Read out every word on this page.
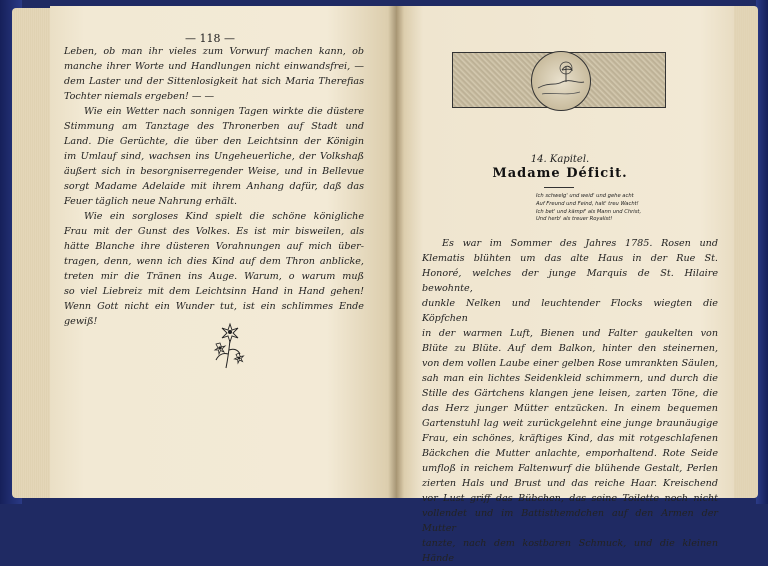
— 118 —
Leben, ob man ihr vieles zum Vorwurf machen kann, ob
manche ihrer Worte und Handlungen nicht einwandsfrei, —
dem Laster und der Sittenlosigkeit hat sich Maria Therefias
Tochter niemals ergeben! — —
Wie ein Wetter nach sonnigen Tagen wirkte die düstere
Stimmung am Tanztage des Thronerben auf Stadt und
Land. Die Gerüchte, die über den Leichtsinn der Königin
im Umlauf sind, wachsen ins Ungeheuerliche, der Volkshaß
äußert sich in besorgniserregender Weise, und in Bellevue
sorgt Madame Adelaide mit ihrem Anhang dafür, daß das
Feuer täglich neue Nahrung erhält.
Wie ein sorgloses Kind spielt die schöne königliche
Frau mit der Gunst des Volkes. Es ist mir bisweilen, als
hätte Blanche ihre düsteren Vorahnungen auf mich über-
tragen, denn, wenn ich dies Kind auf dem Thron anblicke,
treten mir die Tränen ins Auge. Warum, o warum muß
so viel Liebreiz mit dem Leichtsinn Hand in Hand gehen!
Wenn Gott nicht ein Wunder tut, ist ein schlimmes Ende
gewiß!
14. Kapitel.
Madame Déficit.
Ich schwelg' und weid' und gehe acht
Auf Freund und Feind, halt' treu Wacht!
Ich bet' und kämpf' als Mann und Christ,
Und herb' als treuer Royalist!
Es war im Sommer des Jahres 1785. Rosen und
Klematis blühten um das alte Haus in der Rue St.
Honoré, welches der junge Marquis de St. Hilaire bewohnte,
dunkle Nelken und leuchtender Flocks wiegten die Köpfchen
in der warmen Luft, Bienen und Falter gaukelten von
Blüte zu Blüte. Auf dem Balkon, hinter den steinernen,
von dem vollen Laube einer gelben Rose umrankten Säulen,
sah man ein lichtes Seidenkleid schimmern, und durch die
Stille des Gärtchens klangen jene leisen, zarten Töne, die
das Herz junger Mütter entzücken. In einem bequemen
Gartenstuhl lag weit zurückgelehnt eine junge braunäugige
Frau, ein schönes, kräftiges Kind, das mit rotgeschlafenen
Bäckchen die Mutter anlachte, emporhaltend. Rote Seide
umfloß in reichem Faltenwurf die blühende Gestalt, Perlen
zierten Hals und Brust und das reiche Haar. Kreischend
vor Lust griff das Bübchen, das seine Toilette noch nicht
vollendet und im Battisthemdchen auf den Armen der Mutter
tanzte, nach dem kostbaren Schmuck, und die kleinen Hände
